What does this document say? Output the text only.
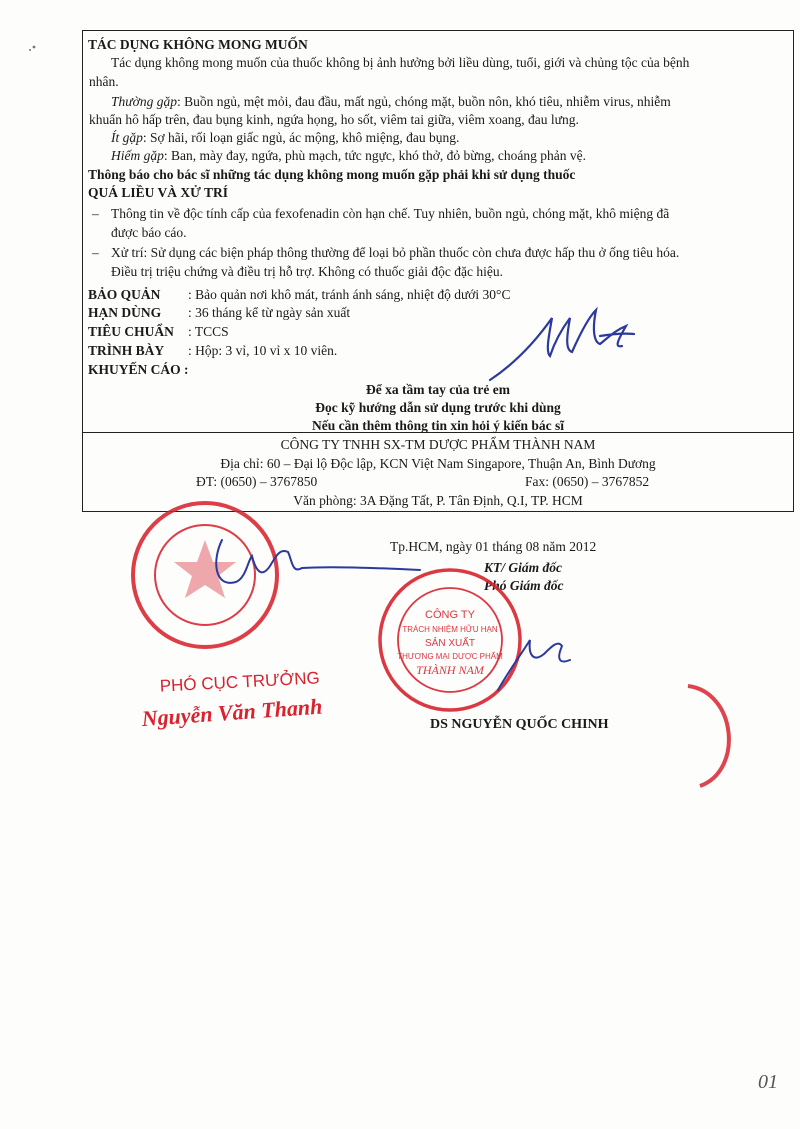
TÁC DỤNG KHÔNG MONG MUỐN
Tác dụng không mong muốn của thuốc không bị ảnh hưởng bởi liều dùng, tuổi, giới và chủng tộc của bệnh
nhân.
Thường gặp: Buồn ngủ, mệt mỏi, đau đầu, mất ngủ, chóng mặt, buồn nôn, khó tiêu, nhiễm virus, nhiễm
khuẩn hô hấp trên, đau bụng kinh, ngứa họng, ho sốt, viêm tai giữa, viêm xoang, đau lưng.
Ít gặp: Sợ hãi, rối loạn giấc ngủ, ác mộng, khô miệng, đau bụng.
Hiếm gặp: Ban, mày đay, ngứa, phù mạch, tức ngực, khó thở, đỏ bừng, choáng phản vệ.
Thông báo cho bác sĩ những tác dụng không mong muốn gặp phải khi sử dụng thuốc
QUÁ LIỀU VÀ XỬ TRÍ
– Thông tin về độc tính cấp của fexofenadin còn hạn chế. Tuy nhiên, buồn ngủ, chóng mặt, khô miệng đã
được báo cáo.
– Xử trí: Sử dụng các biện pháp thông thường để loại bỏ phần thuốc còn chưa được hấp thu ở ống tiêu hóa.
Điều trị triệu chứng và điều trị hỗ trợ. Không có thuốc giải độc đặc hiệu.
BẢO QUẢN : Bảo quản nơi khô mát, tránh ánh sáng, nhiệt độ dưới 30°C
HẠN DÙNG : 36 tháng kể từ ngày sản xuất
TIÊU CHUẨN : TCCS
TRÌNH BÀY : Hộp: 3 vỉ, 10 vỉ x 10 viên.
KHUYẾN CÁO :
Để xa tầm tay của trẻ em
Đọc kỹ hướng dẫn sử dụng trước khi dùng
Nếu cần thêm thông tin xin hỏi ý kiến bác sĩ
CÔNG TY TNHH SX-TM DƯỢC PHẨM THÀNH NAM
Địa chỉ: 60 – Đại lộ Độc lập, KCN Việt Nam Singapore, Thuận An, Bình Dương
ĐT: (0650) – 3767850	Fax: (0650) – 3767852
Văn phòng: 3A Đặng Tất, P. Tân Định, Q.I, TP. HCM
Tp.HCM, ngày 01 tháng 08 năm 2012
KT/ Giám đốc
Phó Giám đốc
DS NGUYỄN QUỐC CHINH
CÔNG TY
TRÁCH NHIỆM HỮU HẠN
SẢN XUẤT
THƯƠNG MẠI DƯỢC PHẨM
THÀNH NAM
PHÓ CỤC TRƯỞNG
Nguyễn Văn Thanh
01
